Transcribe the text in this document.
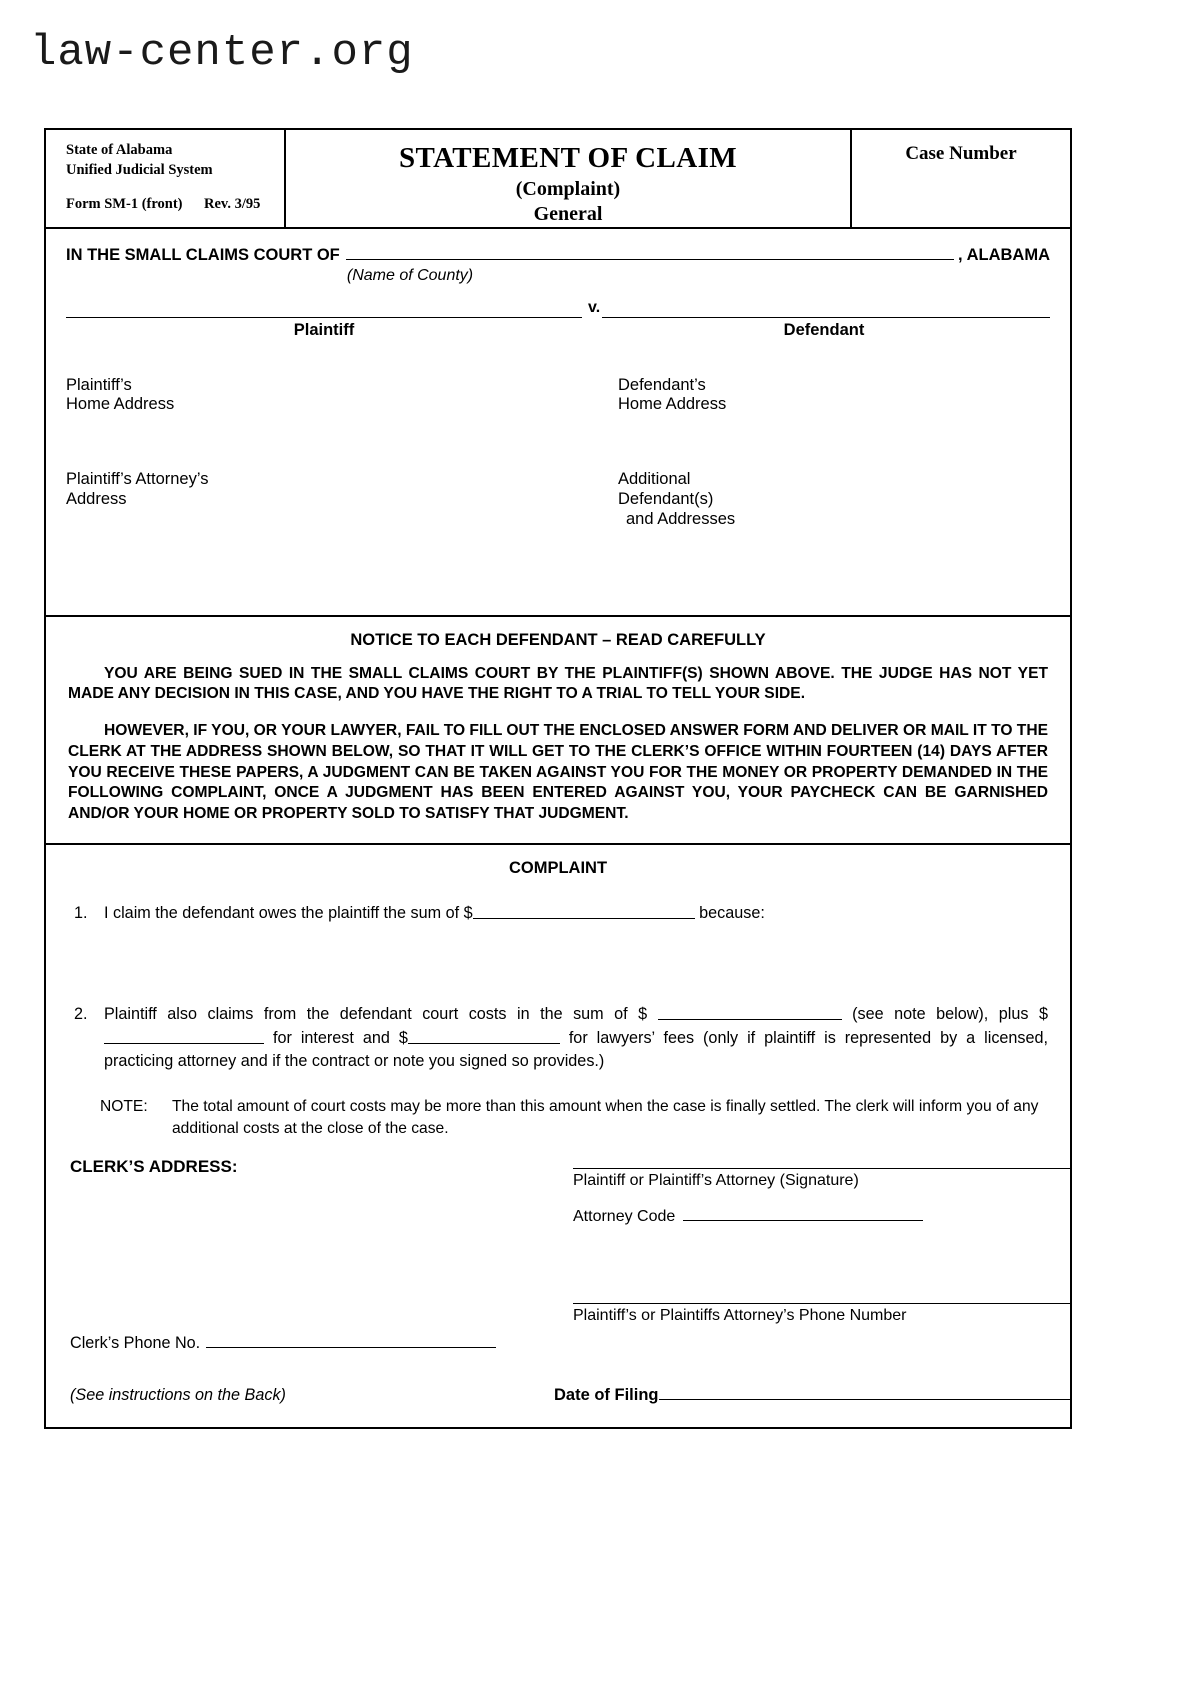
law-center.org
State of Alabama
Unified Judicial System
Form SM-1 (front)	Rev. 3/95
STATEMENT OF CLAIM
(Complaint)
General
Case Number
IN THE SMALL CLAIMS COURT OF	, ALABAMA
(Name of County)
v.
Plaintiff	Defendant
Plaintiff’s
Home Address
Defendant’s
Home Address
Plaintiff’s Attorney’s
Address
Additional
Defendant(s)
and Addresses
NOTICE TO EACH DEFENDANT – READ CAREFULLY

YOU ARE BEING SUED IN THE SMALL CLAIMS COURT BY THE PLAINTIFF(S) SHOWN ABOVE. THE JUDGE HAS NOT YET MADE ANY DECISION IN THIS CASE, AND YOU HAVE THE RIGHT TO A TRIAL TO TELL YOUR SIDE.

HOWEVER, IF YOU, OR YOUR LAWYER, FAIL TO FILL OUT THE ENCLOSED ANSWER FORM AND DELIVER OR MAIL IT TO THE CLERK AT THE ADDRESS SHOWN BELOW, SO THAT IT WILL GET TO THE CLERK’S OFFICE WITHIN FOURTEEN (14) DAYS AFTER YOU RECEIVE THESE PAPERS, A JUDGMENT CAN BE TAKEN AGAINST YOU FOR THE MONEY OR PROPERTY DEMANDED IN THE FOLLOWING COMPLAINT, ONCE A JUDGMENT HAS BEEN ENTERED AGAINST YOU, YOUR PAYCHECK CAN BE GARNISHED AND/OR YOUR HOME OR PROPERTY SOLD TO SATISFY THAT JUDGMENT.

COMPLAINT
1.	I claim the defendant owes the plaintiff the sum of $	because:
2.	Plaintiff also claims from the defendant court costs in the sum of $	(see note below), plus $ for interest and $	for lawyers’ fees (only if plaintiff is represented by a licensed, practicing attorney and if the contract or note you signed so provides.)
NOTE:	The total amount of court costs may be more than this amount when the case is finally settled. The clerk will inform you of any additional costs at the close of the case.
CLERK’S ADDRESS:
Plaintiff or Plaintiff’s Attorney (Signature)
Attorney Code
Plaintiff’s or Plaintiffs Attorney’s Phone Number
Clerk’s Phone No.
(See instructions on the Back)	Date of Filing
